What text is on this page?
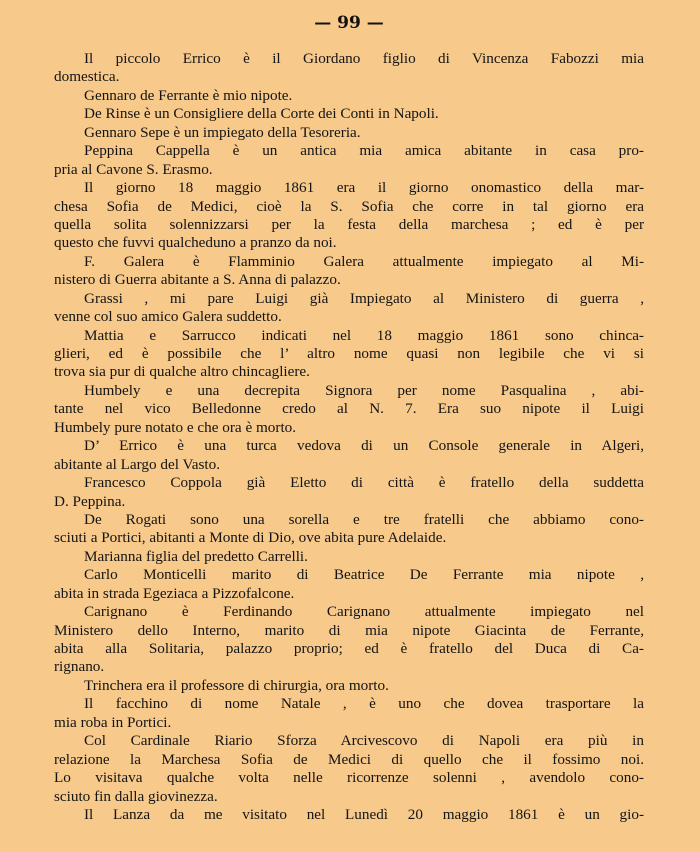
— 99 —
Il piccolo Errico è il Giordano figlio di Vincenza Fabozzi mia
domestica.
Gennaro de Ferrante è mio nipote.
De Rinse è un Consigliere della Corte dei Conti in Napoli.
Gennaro Sepe è un impiegato della Tesoreria.
Peppina Cappella è un antica mia amica abitante in casa pro-
pria al Cavone S. Erasmo.
Il giorno 18 maggio 1861 era il giorno onomastico della mar-
chesa Sofia de Medici, cioè la S. Sofia che corre in tal giorno era
quella solita solennizzarsi per la festa della marchesa ; ed è per
questo che fuvvi qualcheduno a pranzo da noi.
F. Galera è Flamminio Galera attualmente impiegato al Mi-
nistero di Guerra abitante a S. Anna di palazzo.
Grassi , mi pare Luigi già Impiegato al Ministero di guerra ,
venne col suo amico Galera suddetto.
Mattia e Sarrucco indicati nel 18 maggio 1861 sono chinca-
glieri, ed è possibile che l’ altro nome quasi non legibile che vi si
trova sia pur di qualche altro chincagliere.
Humbely e una decrepita Signora per nome Pasqualina , abi-
tante nel vico Belledonne credo al N. 7. Era suo nipote il Luigi
Humbely pure notato e che ora è morto.
D’ Errico è una turca vedova di un Console generale in Algeri,
abitante al Largo del Vasto.
Francesco Coppola già Eletto di città è fratello della suddetta
D. Peppina.
De Rogati sono una sorella e tre fratelli che abbiamo cono-
sciuti a Portici, abitanti a Monte di Dio, ove abita pure Adelaide.
Marianna figlia del predetto Carrelli.
Carlo Monticelli marito di Beatrice De Ferrante mia nipote ,
abita in strada Egeziaca a Pizzofalcone.
Carignano è Ferdinando Carignano attualmente impiegato nel
Ministero dello Interno, marito di mia nipote Giacinta de Ferrante,
abita alla Solitaria, palazzo proprio; ed è fratello del Duca di Ca-
rignano.
Trinchera era il professore di chirurgia, ora morto.
Il facchino di nome Natale , è uno che dovea trasportare la
mia roba in Portici.
Col Cardinale Riario Sforza Arcivescovo di Napoli era più in
relazione la Marchesa Sofia de Medici di quello che il fossimo noi.
Lo visitava qualche volta nelle ricorrenze solenni , avendolo cono-
sciuto fin dalla giovinezza.
Il Lanza da me visitato nel Lunedì 20 maggio 1861 è un gio-
